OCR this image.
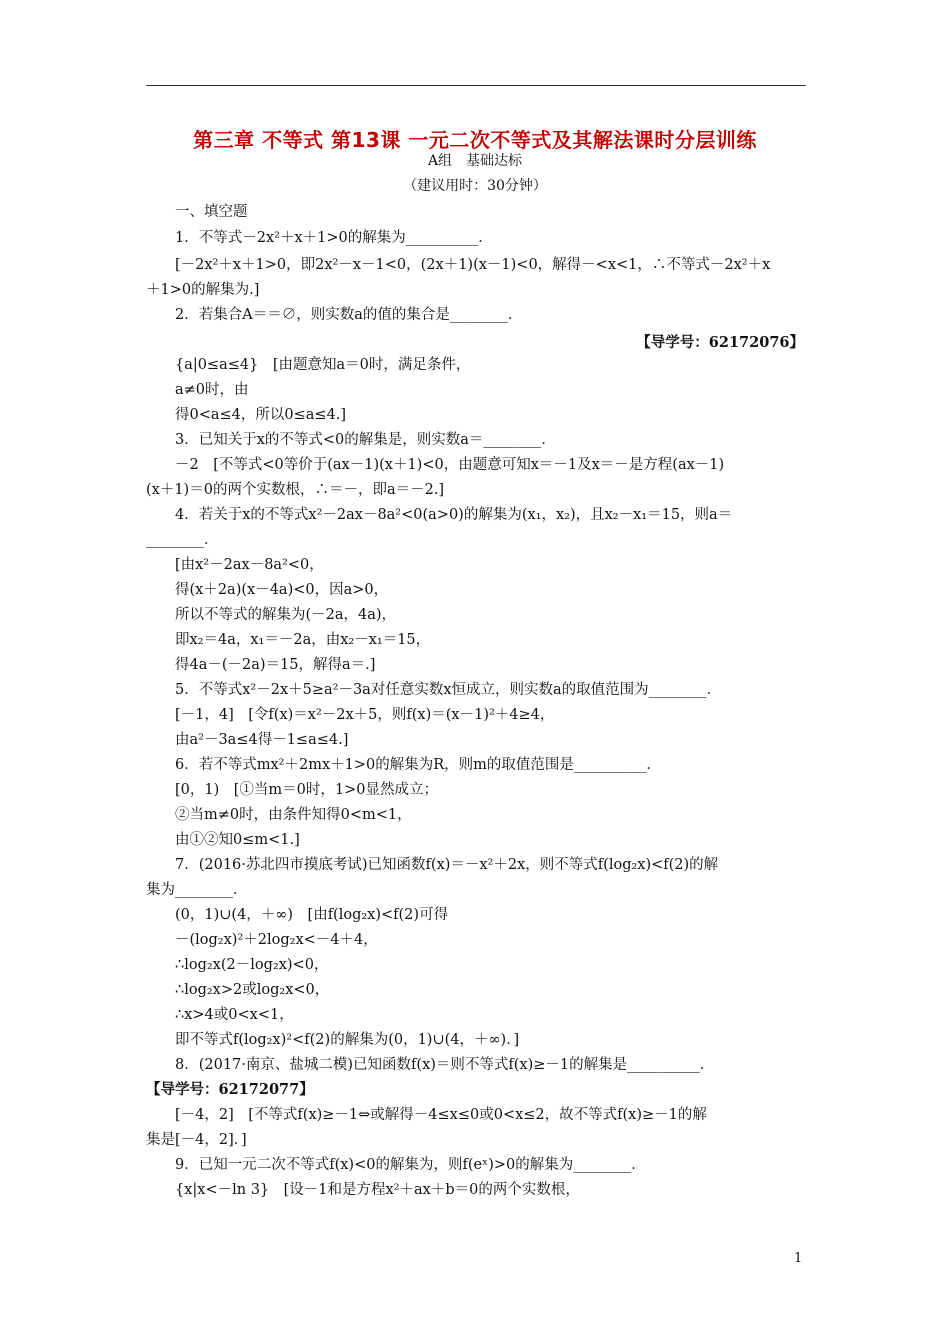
第三章 不等式 第13课 一元二次不等式及其解法课时分层训练
A组　基础达标
（建议用时：30分钟）
一、填空题
1．不等式－2x²＋x＋1>0的解集为__________．
[－2x²＋x＋1>0，即2x²－x－1<0，(2x＋1)(x－1)<0，解得－<x<1，∴不等式－2x²＋x
＋1>0的解集为.]
2．若集合A＝＝∅，则实数a的值的集合是________．
{a|0≤a≤4}　[由题意知a＝0时，满足条件，
a≠0时，由
得0<a≤4，所以0≤a≤4.]
3．已知关于x的不等式<0的解集是，则实数a＝________．
－2　[不等式<0等价于(ax－1)(x＋1)<0，由题意可知x＝－1及x＝－是方程(ax－1)
(x＋1)＝0的两个实数根，∴＝－，即a＝－2.]
4．若关于x的不等式x²－2ax－8a²<0(a>0)的解集为(x₁，x₂)，且x₂－x₁＝15，则a＝
________．
[由x²－2ax－8a²<0，
得(x＋2a)(x－4a)<0，因a>0，
所以不等式的解集为(－2a，4a)，
即x₂＝4a，x₁＝－2a，由x₂－x₁＝15，
得4a－(－2a)＝15，解得a＝.]
5．不等式x²－2x＋5≥a²－3a对任意实数x恒成立，则实数a的取值范围为________．
[－1，4]　[令f(x)＝x²－2x＋5，则f(x)＝(x－1)²＋4≥4，
由a²－3a≤4得－1≤a≤4.]
6．若不等式mx²＋2mx＋1>0的解集为R，则m的取值范围是__________．
[0，1)　[①当m＝0时，1>0显然成立；
②当m≠0时，由条件知得0<m<1，
由①②知0≤m<1.]
7．(2016·苏北四市摸底考试)已知函数f(x)＝－x²＋2x，则不等式f(log₂x)<f(2)的解
集为________．
(0，1)∪(4，＋∞)　[由f(log₂x)<f(2)可得
－(log₂x)²＋2log₂x<－4＋4，
∴log₂x(2－log₂x)<0，
∴log₂x>2或log₂x<0，
∴x>4或0<x<1，
即不等式f(log₂x)²<f(2)的解集为(0，1)∪(4，＋∞)．]
8．(2017·南京、盐城二模)已知函数f(x)＝则不等式f(x)≥－1的解集是__________．
[－4，2]　[不等式f(x)≥－1⇔或解得－4≤x≤0或0<x≤2，故不等式f(x)≥－1的解
集是[－4，2]．]
9．已知一元二次不等式f(x)<0的解集为，则f(eˣ)>0的解集为________．
{x|x<－ln 3}　[设－1和是方程x²＋ax＋b＝0的两个实数根，
【导学号：62172076】
【导学号：62172077】
1
